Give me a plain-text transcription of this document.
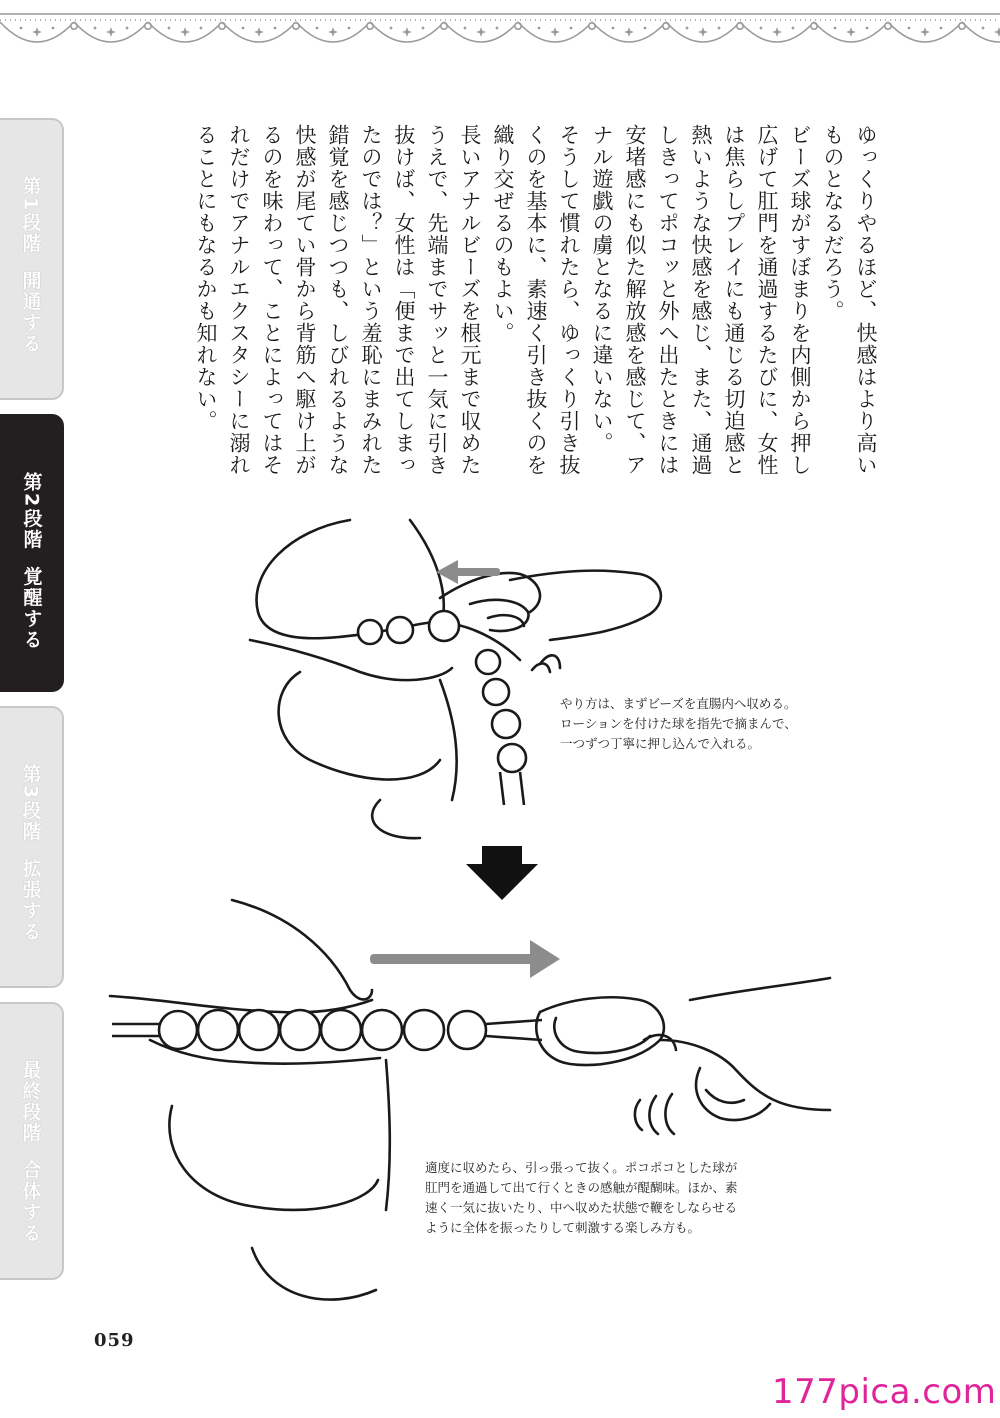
第1段階開通する
第2段階覚醒する
第3段階拡張する
最終段階合体する

ゆっくりやるほど、快感はより高いものとなるだろう。

ビーズ球がすぼまりを内側から押し広げて肛門を通過するたびに、女性は焦らしプレイにも通じる切迫感と熱いような快感を感じ、また、通過しきってポコッと外へ出たときには安堵感にも似た解放感を感じて、アナル遊戯の虜となるに違いない。

そうして慣れたら、ゆっくり引き抜くのを基本に、素速く引き抜くのを織り交ぜるのもよい。

長いアナルビーズを根元まで収めたうえで、先端までサッと一気に引き抜けば、女性は「便まで出てしまったのでは？」という羞恥にまみれた錯覚を感じつつも、しびれるような快感が尾てい骨から背筋へ駆け上がるのを味わって、ことによってはそれだけでアナルエクスタシーに溺れることにもなるかも知れない。

やり方は、まずビーズを直腸内へ収める。

ローションを付けた球を指先で摘まんで、

一つずつ丁寧に押し込んで入れる。

適度に収めたら、引っ張って抜く。ポコポコとした球が

肛門を通過して出て行くときの感触が醍醐味。ほか、素

速く一気に抜いたり、中へ収めた状態で鞭をしならせる

ように全体を振ったりして刺激する楽しみ方も。

059
177pica.com
